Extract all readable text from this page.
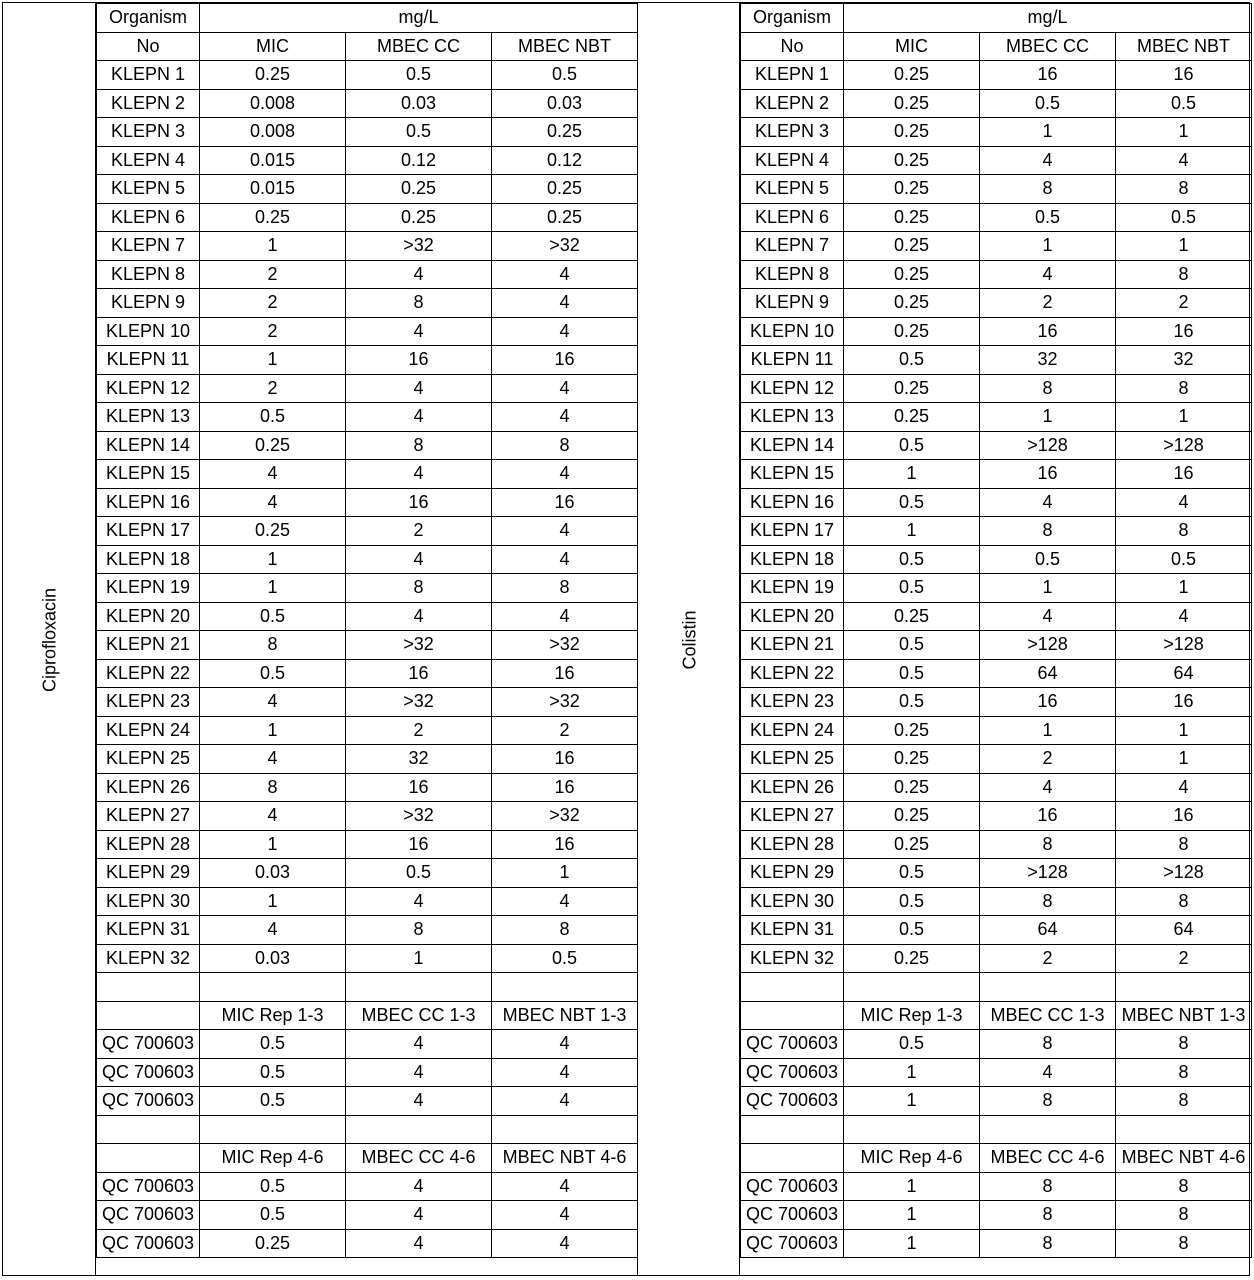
Ciprofloxacin	Colistin
Organism	mg/L		
No	MIC	MBEC CC	MBEC NBT
KLEPN 1	0.25	0.5	0.5
KLEPN 2	0.008	0.03	0.03
KLEPN 3	0.008	0.5	0.25
KLEPN 4	0.015	0.12	0.12
KLEPN 5	0.015	0.25	0.25
KLEPN 6	0.25	0.25	0.25
KLEPN 7	1	>32	>32
KLEPN 8	2	4	4
KLEPN 9	2	8	4
KLEPN 10	2	4	4
KLEPN 11	1	16	16
KLEPN 12	2	4	4
KLEPN 13	0.5	4	4
KLEPN 14	0.25	8	8
KLEPN 15	4	4	4
KLEPN 16	4	16	16
KLEPN 17	0.25	2	4
KLEPN 18	1	4	4
KLEPN 19	1	8	8
KLEPN 20	0.5	4	4
KLEPN 21	8	>32	>32
KLEPN 22	0.5	16	16
KLEPN 23	4	>32	>32
KLEPN 24	1	2	2
KLEPN 25	4	32	16
KLEPN 26	8	16	16
KLEPN 27	4	>32	>32
KLEPN 28	1	16	16
KLEPN 29	0.03	0.5	1
KLEPN 30	1	4	4
KLEPN 31	4	8	8
KLEPN 32	0.03	1	0.5

	MIC Rep 1-3	MBEC CC 1-3	MBEC NBT 1-3
QC 700603	0.5	4	4
QC 700603	0.5	4	4
QC 700603	0.5	4	4

	MIC Rep 4-6	MBEC CC 4-6	MBEC NBT 4-6
QC 700603	0.5	4	4
QC 700603	0.5	4	4
QC 700603	0.25	4	4
Organism	mg/L		
No	MIC	MBEC CC	MBEC NBT
KLEPN 1	0.25	16	16
KLEPN 2	0.25	0.5	0.5
KLEPN 3	0.25	1	1
KLEPN 4	0.25	4	4
KLEPN 5	0.25	8	8
KLEPN 6	0.25	0.5	0.5
KLEPN 7	0.25	1	1
KLEPN 8	0.25	4	8
KLEPN 9	0.25	2	2
KLEPN 10	0.25	16	16
KLEPN 11	0.5	32	32
KLEPN 12	0.25	8	8
KLEPN 13	0.25	1	1
KLEPN 14	0.5	>128	>128
KLEPN 15	1	16	16
KLEPN 16	0.5	4	4
KLEPN 17	1	8	8
KLEPN 18	0.5	0.5	0.5
KLEPN 19	0.5	1	1
KLEPN 20	0.25	4	4
KLEPN 21	0.5	>128	>128
KLEPN 22	0.5	64	64
KLEPN 23	0.5	16	16
KLEPN 24	0.25	1	1
KLEPN 25	0.25	2	1
KLEPN 26	0.25	4	4
KLEPN 27	0.25	16	16
KLEPN 28	0.25	8	8
KLEPN 29	0.5	>128	>128
KLEPN 30	0.5	8	8
KLEPN 31	0.5	64	64
KLEPN 32	0.25	2	2

	MIC Rep 1-3	MBEC CC 1-3	MBEC NBT 1-3
QC 700603	0.5	8	8
QC 700603	1	4	8
QC 700603	1	8	8

	MIC Rep 4-6	MBEC CC 4-6	MBEC NBT 4-6
QC 700603	1	8	8
QC 700603	1	8	8
QC 700603	1	8	8
